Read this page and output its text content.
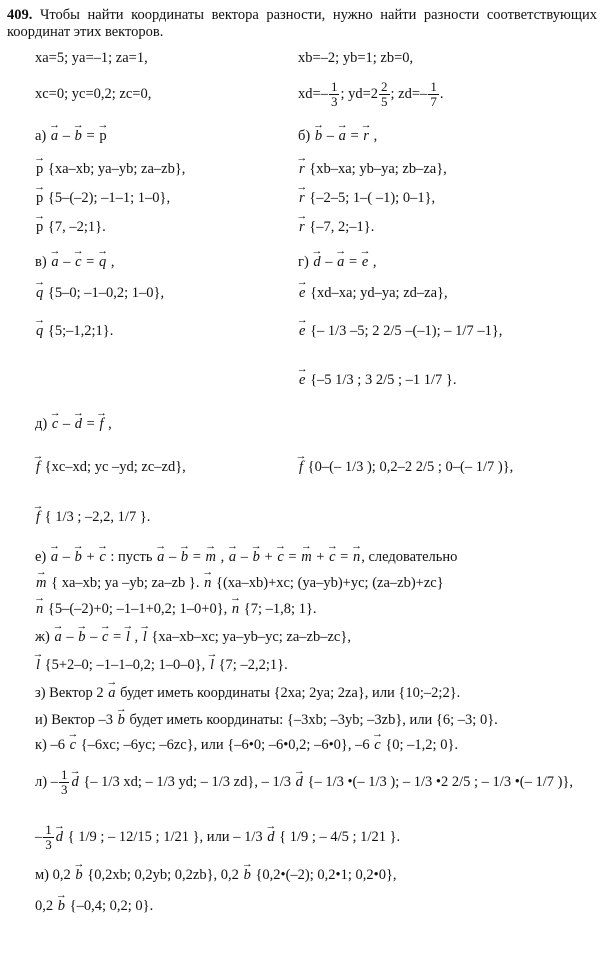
409. Чтобы найти координаты вектора разности, нужно найти разности соответствующих координат этих векторов.
xa=5; ya=–1; za=1,	xb=–2; yb=1; zb=0,
xc=0; yc=0,2; zc=0,	$xd=- \frac{1}{3}$ ; $yd=2 \frac{2}{5}$ ; $zd=- \frac{1}{7}$ .
а) → a – → b = → p
→ p {xa–xb; ya–yb; za–zb},
→ p {5–(–2); –1–1; 1–0},
→ p {7, –2;1}.
б) → b – → a = → r ,
→ r {xb–xa; yb–ya; zb–za},
→ r {–2–5; 1–( –1); 0–1},
→ r {–7, 2;–1}.
в) → a – → c = → q ,
→ q {5–0; –1–0,2; 1–0},
→ q {5;–1,2;1}.
г) → d – → a = → e ,
→ e {xd–xa; yd–ya; zd–za},
→ e {– 1/3 –5; 2 2/5 –(–1); – 1/7 –1},
→ e {–5 1/3 ; 3 2/5 ; –1 1/7 }.
д) → c – → d = → f ,
→ f {xc–xd; yc –yd; zc–zd},
→	f {0–(– 1/3 ); 0,2–2 2/5 ; 0–(– 1/7 )},
→ f { 1/3 ; –2,2, 1/7 }.
е) → a – → b + → c : пусть → a – → b = → m , → a – → b + → c = → m + → c = → n, следовательно
→ m { xa–xb; ya –yb; za–zb }. → n {(xa–xb)+xc; (ya–yb)+yc; (za–zb)+zc}
→ n {5–(–2)+0; –1–1+0,2; 1–0+0}, → n {7; –1,8; 1}.
ж) → a – → b – → c = → l , → l {xa–xb–xc; ya–yb–yc; za–zb–zc},
→ l {5+2–0; –1–1–0,2; 1–0–0}, → l {7; –2,2;1}.
з) Вектор 2 → a будет иметь координаты {2xa; 2ya; 2za}, или {10;–2;2}.
и) Вектор –3 → b будет иметь координаты: {–3xb; –3yb; –3zb}, или {6; –3; 0}.
к) –6 → c {–6xc; –6yc; –6zc}, или {–6•0; –6•0,2; –6•0}, –6 → c {0; –1,2; 0}.
$л) - \frac{1}{3}$
→ d {– 1/3 xd; – 1/3 yd; – 1/3 zd}, – 1/3 → d {– 1/3 •(– 1/3 ); – 1/3 •2 2/5 ; – 1/3 •(– 1/7 )},
– $\frac{1}{3}$
→ d { 1/9 ; – 12/15 ; 1/21 }, или – 1/3 → d { 1/9 ; – 4/5 ; 1/21 }.
м) 0,2 → b {0,2xb; 0,2yb; 0,2zb}, 0,2 → b {0,2•(–2); 0,2•1; 0,2•0},
0,2 → b {–0,4; 0,2; 0}.
